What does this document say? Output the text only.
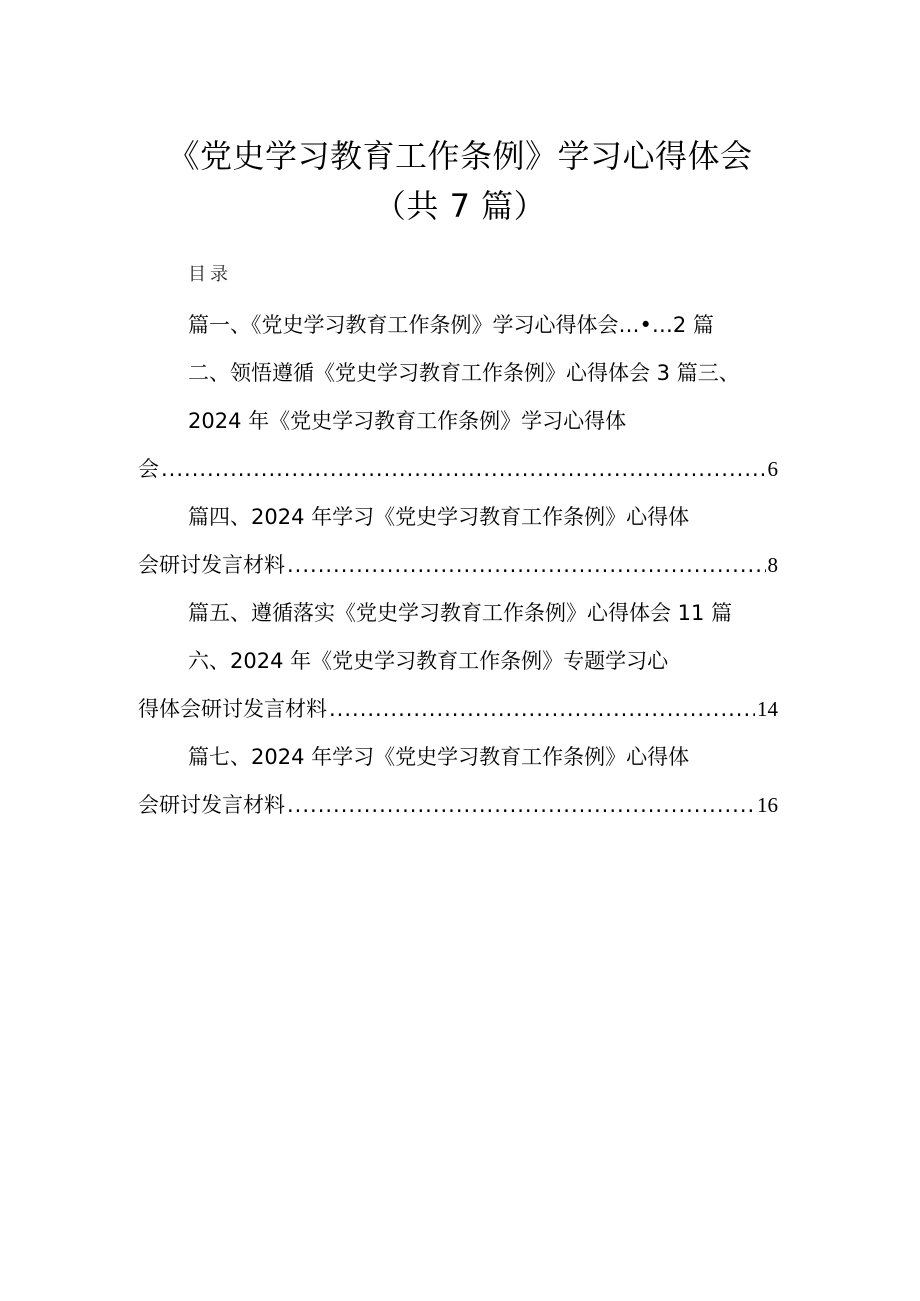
《党史学习教育工作条例》学习心得体会
（共 7 篇）
目录
篇一、《党史学习教育工作条例》学习心得体会…•…2 篇
二、领悟遵循《党史学习教育工作条例》心得体会 3 篇三、
2024 年《党史学习教育工作条例》学习心得体
会 .....	6
篇四、2024 年学习《党史学习教育工作条例》心得体
会研讨发言材料 .....	8
篇五、遵循落实《党史学习教育工作条例》心得体会 11 篇
六、2024 年《党史学习教育工作条例》专题学习心
得体会研讨发言材料 .....	14
篇七、2024 年学习《党史学习教育工作条例》心得体
会研讨发言材料 .....	16
